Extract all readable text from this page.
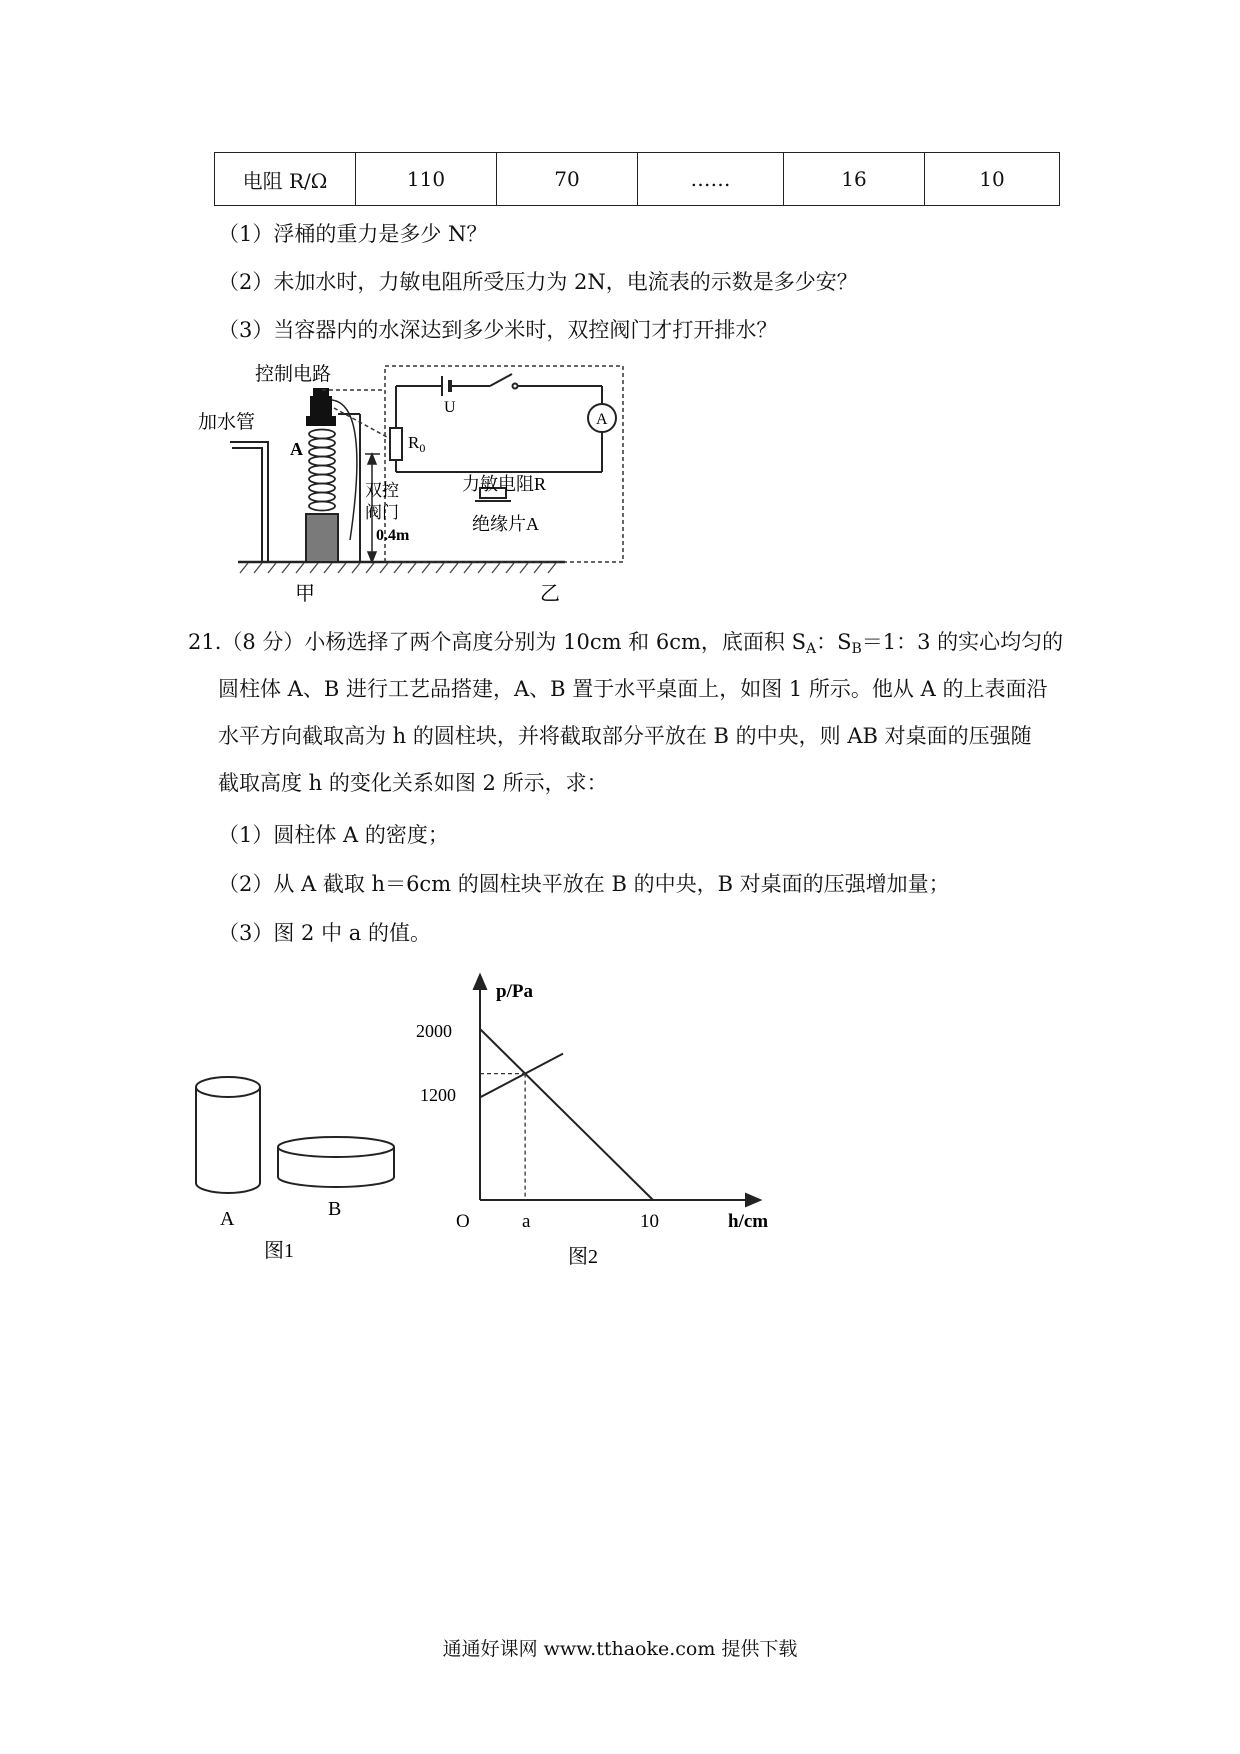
电阻 R/Ω	110	70	……	16	10
（1）浮桶的重力是多少 N？
（2）未加水时，力敏电阻所受压力为 2N，电流表的示数是多少安？
（3）当容器内的水深达到多少米时，双控阀门才打开排水？
控制电路
加水管
A
双控
阀门
0.4m
U
$R_0$
A
力敏电阻R
绝缘片A
甲	乙
21.（8 分）小杨选择了两个高度分别为 10cm 和 6cm，底面积 $S_A$：$S_B=1$：3 的实心均匀的
圆柱体 A、B 进行工艺品搭建，A、B 置于水平桌面上，如图 1 所示。他从 A 的上表面沿
水平方向截取高为 h 的圆柱块，并将截取部分平放在 B 的中央，则 AB 对桌面的压强随
截取高度 h 的变化关系如图 2 所示，求：
（1）圆柱体 A 的密度；
（2）从 A 截取 h＝6cm 的圆柱块平放在 B 的中央，B 对桌面的压强增加量；
（3）图 2 中 a 的值。
A	B
图1
p/Pa
h/cm
O
2000
1200
a	10
图2
通通好课网 www.tthaoke.com 提供下载
